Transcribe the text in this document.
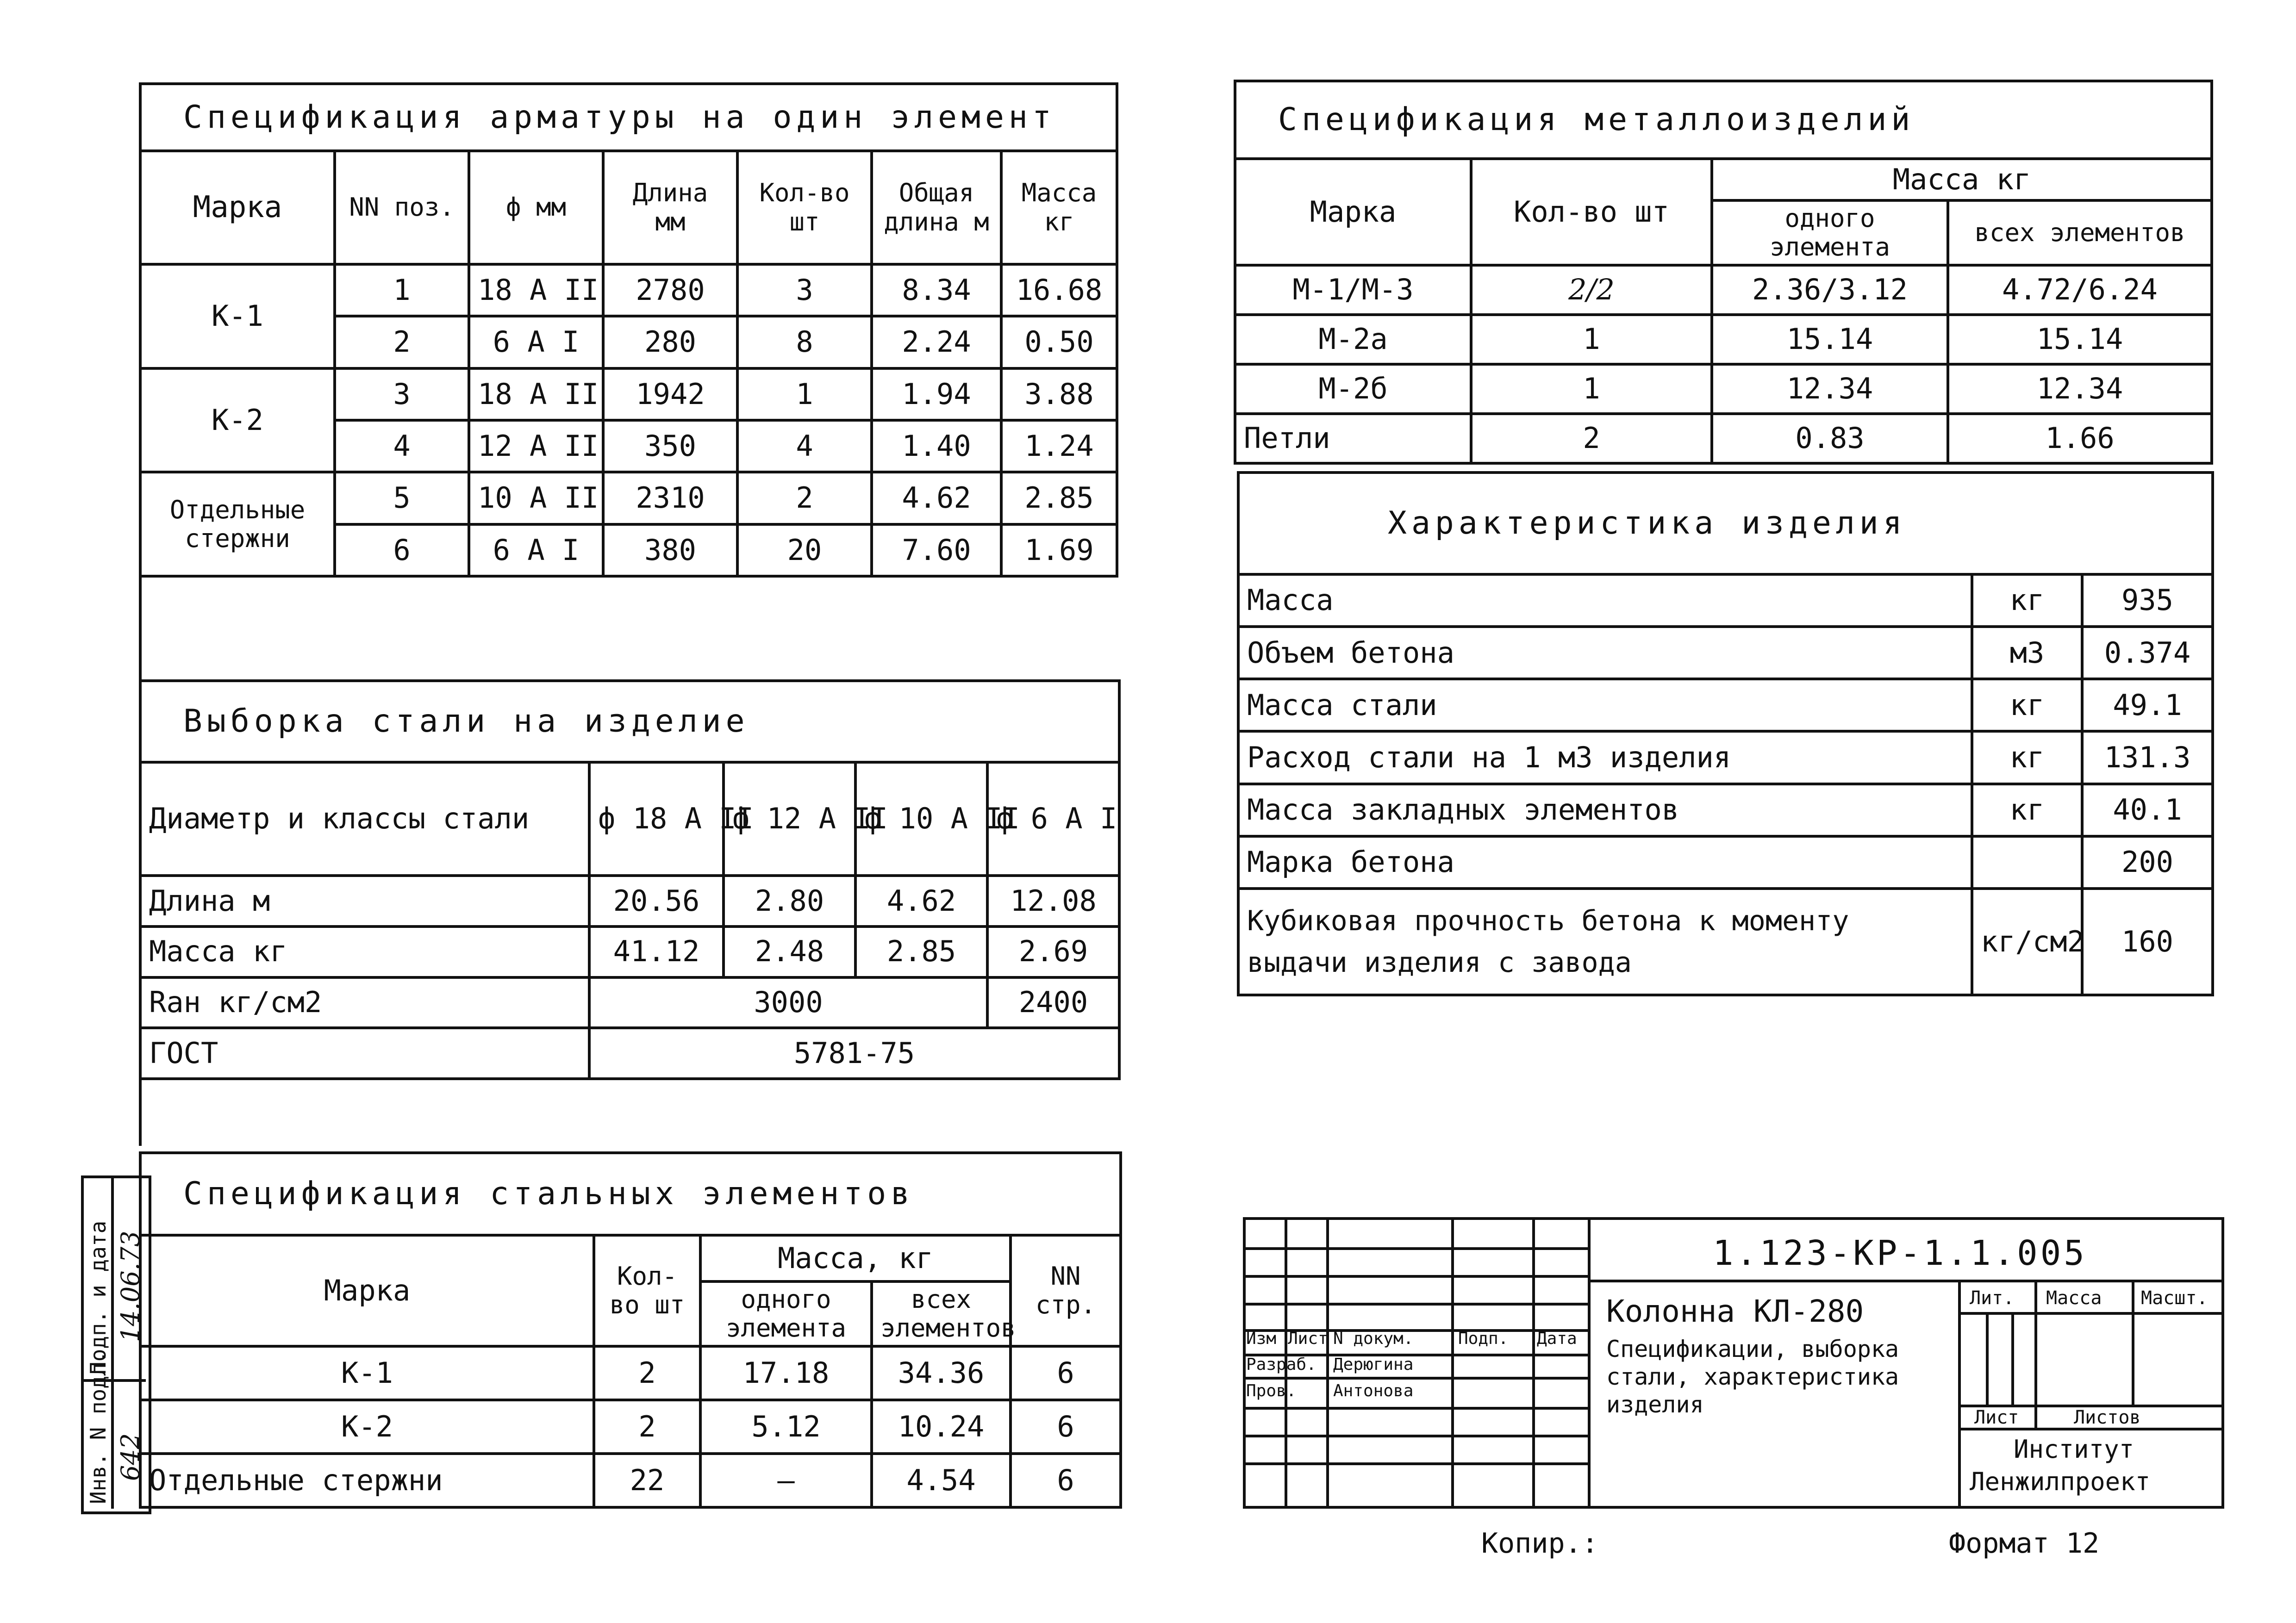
Спецификация арматуры на один элемент						
Марка	NN поз.	ф мм	Длина мм	Кол-во шт	Общая длина м	Масса кг
К-1	1	18 А II	2780	3	8.34	16.68
	2	6 А I	280	8	2.24	0.50
К-2	3	18 А II	1942	1	1.94	3.88
	4	12 А II	350	4	1.40	1.24
Отдельные стержни	5	10 А II	2310	2	4.62	2.85
	6	6 А I	380	20	7.60	1.69
Выборка стали на изделие				
Диаметр и классы стали	ф 18 А II	ф 12 А II	ф 10 А II	ф 6 А I
Длина м	20.56	2.80	4.62	12.08
Масса кг	41.12	2.48	2.85	2.69
Raн кг/см2	3000			2400
ГОСТ	5781-75			
Спецификация стальных элементов				
Марка	Кол-во шт	Масса, кг		NN стр.
		одного элемента	всех элементов	
К-1	2	17.18	34.36	6
К-2	2	5.12	10.24	6
Отдельные стержни	22	—	4.54	6
Инв. N подл.
Подп. и дата
642
14.06.73
Спецификация металлоизделий			
Марка	Кол-во шт	Масса кг	
		одного элемента	всех элементов
М-1/М-3	2/2	2.36/3.12	4.72/6.24
М-2а	1	15.14	15.14
М-2б	1	12.34	12.34
Петли	2	0.83	1.66
Характеристика изделия		
Масса	кг	935
Объем бетона	м3	0.374
Масса стали	кг	49.1
Расход стали на 1 м3 изделия	кг	131.3
Масса закладных элементов	кг	40.1
Марка бетона		200
Кубиковая прочность бетона к моменту выдачи изделия с завода	кг/см2	160
1.123-КР-1.1.005
Колонна КЛ-280
Спецификации, выборка стали, характеристика изделия
Изм Лист N докум.	Подп. Дата
Разраб. Дерюгина
Пров. Антонова
Лит. Масса Масшт.
Лист	Листов
Институт
Ленжилпроект
Копир.:	Формат 12
